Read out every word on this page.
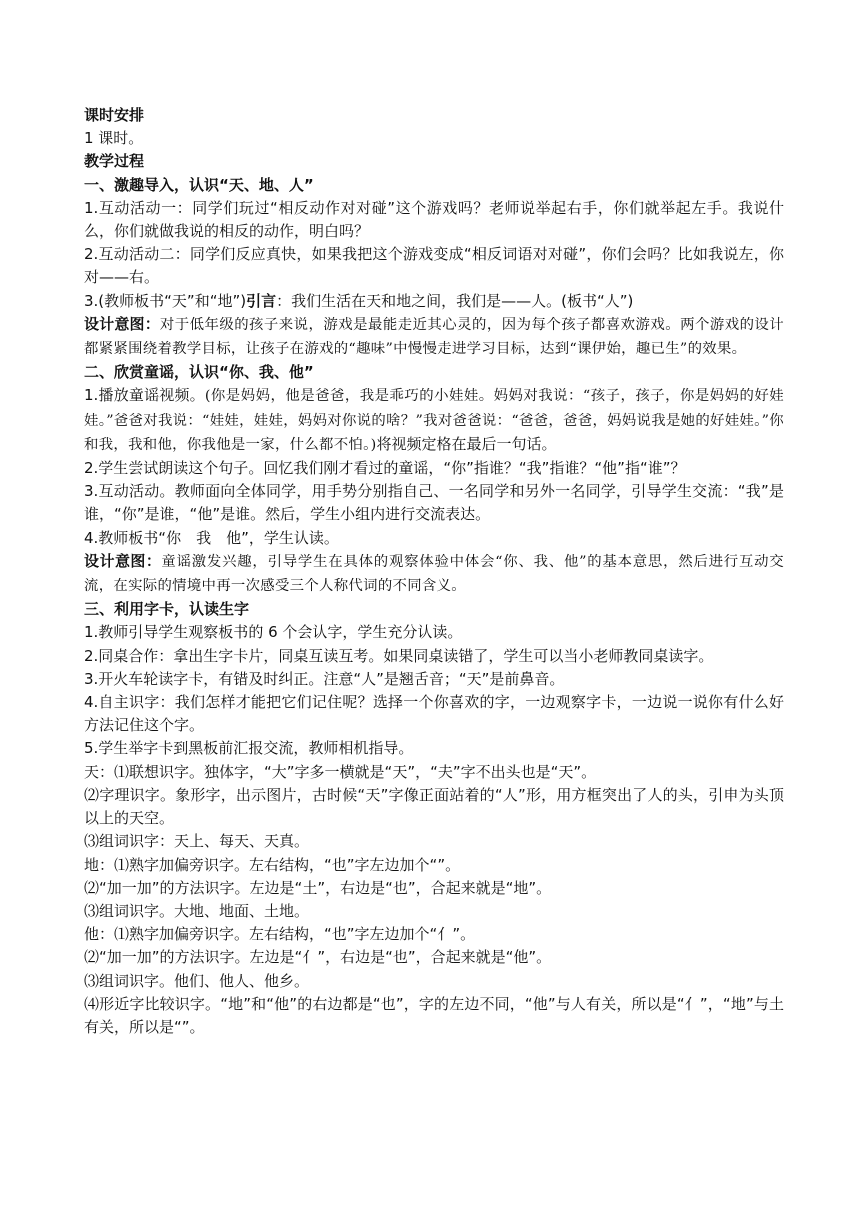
课时安排

1 课时。

教学过程

一、激趣导入，认识“天、地、人”

1.互动活动一：同学们玩过“相反动作对对碰”这个游戏吗？老师说举起右手，你们就举起左手。我说什么，你们就做我说的相反的动作，明白吗？

2.互动活动二：同学们反应真快，如果我把这个游戏变成“相反词语对对碰”，你们会吗？比如我说左，你对——右。

3.(教师板书“天”和“地”)引言：我们生活在天和地之间，我们是——人。(板书“人”)

设计意图：对于低年级的孩子来说，游戏是最能走近其心灵的，因为每个孩子都喜欢游戏。两个游戏的设计都紧紧围绕着教学目标，让孩子在游戏的“趣味”中慢慢走进学习目标，达到“课伊始，趣已生”的效果。

二、欣赏童谣，认识“你、我、他”

1.播放童谣视频。(你是妈妈，他是爸爸，我是乖巧的小娃娃。妈妈对我说：“孩子，孩子，你是妈妈的好娃娃。”爸爸对我说：“娃娃，娃娃，妈妈对你说的啥？”我对爸爸说：“爸爸，爸爸，妈妈说我是她的好娃娃。”你和我，我和他，你我他是一家，什么都不怕。)将视频定格在最后一句话。

2.学生尝试朗读这个句子。回忆我们刚才看过的童谣，“你”指谁？“我”指谁？“他”指“谁”？

3.互动活动。教师面向全体同学，用手势分别指自己、一名同学和另外一名同学，引导学生交流：“我”是谁，“你”是谁，“他”是谁。然后，学生小组内进行交流表达。

4.教师板书“你　我　他”，学生认读。

设计意图：童谣激发兴趣，引导学生在具体的观察体验中体会“你、我、他”的基本意思，然后进行互动交流，在实际的情境中再一次感受三个人称代词的不同含义。

三、利用字卡，认读生字

1.教师引导学生观察板书的 6 个会认字，学生充分认读。

2.同桌合作：拿出生字卡片，同桌互读互考。如果同桌读错了，学生可以当小老师教同桌读字。

3.开火车轮读字卡，有错及时纠正。注意“人”是翘舌音；“天”是前鼻音。

4.自主识字：我们怎样才能把它们记住呢？选择一个你喜欢的字，一边观察字卡，一边说一说你有什么好方法记住这个字。

5.学生举字卡到黑板前汇报交流，教师相机指导。

天：⑴联想识字。独体字，“大”字多一横就是“天”，“夫”字不出头也是“天”。

⑵字理识字。象形字，出示图片，古时候“天”字像正面站着的“人”形，用方框突出了人的头，引申为头顶以上的天空。

⑶组词识字：天上、每天、天真。

地：⑴熟字加偏旁识字。左右结构，“也”字左边加个“”。

⑵“加一加”的方法识字。左边是“土”，右边是“也”，合起来就是“地”。

⑶组词识字。大地、地面、土地。

他：⑴熟字加偏旁识字。左右结构，“也”字左边加个“亻”。

⑵“加一加”的方法识字。左边是“亻”，右边是“也”，合起来就是“他”。

⑶组词识字。他们、他人、他乡。

⑷形近字比较识字。“地”和“他”的右边都是“也”，字的左边不同，“他”与人有关，所以是“亻”，“地”与土有关，所以是“”。
